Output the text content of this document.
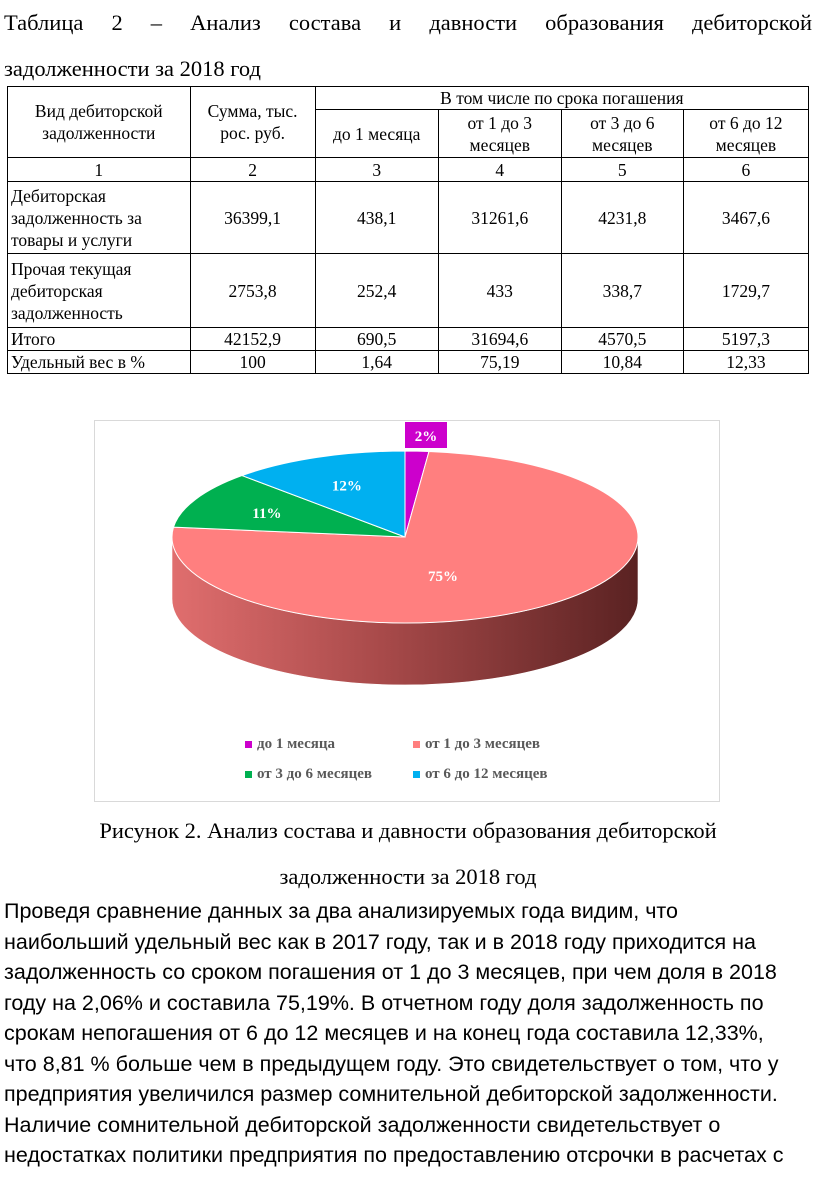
Таблица 2 – Анализ состава и давности образования дебиторской
задолженности за 2018 год
Вид дебиторской задолженности	Сумма, тыс. рос. руб.	В том числе по срока погашения			
		до 1 месяца	от 1 до 3 месяцев	от 3 до 6 месяцев	от 6 до 12 месяцев
1	2	3	4	5	6
Дебиторская задолженность за товары и услуги	36399,1	438,1	31261,6	4231,8	3467,6
Прочая текущая дебиторская задолженность	2753,8	252,4	433	338,7	1729,7
Итого	42152,9	690,5	31694,6	4570,5	5197,3
Удельный вес в %	100	1,64	75,19	10,84	12,33
2%
75%
11%
12%
до 1 месяца	от 1 до 3 месяцев
от 3 до 6 месяцев	от 6 до 12 месяцев
Рисунок 2. Анализ состава и давности образования дебиторской
задолженности за 2018 год
Проведя сравнение данных за два анализируемых года видим, что
наибольший удельный вес как в 2017 году, так и в 2018 году приходится на
задолженность со сроком погашения от 1 до 3 месяцев, при чем доля в 2018
году на 2,06% и составила 75,19%. В отчетном году доля задолженность по
срокам непогашения от 6 до 12 месяцев и на конец года составила 12,33%,
что 8,81 % больше чем в предыдущем году. Это свидетельствует о том, что у
предприятия увеличился размер сомнительной дебиторской задолженности.
Наличие сомнительной дебиторской задолженности свидетельствует о
недостатках политики предприятия по предоставлению отсрочки в расчетах с
